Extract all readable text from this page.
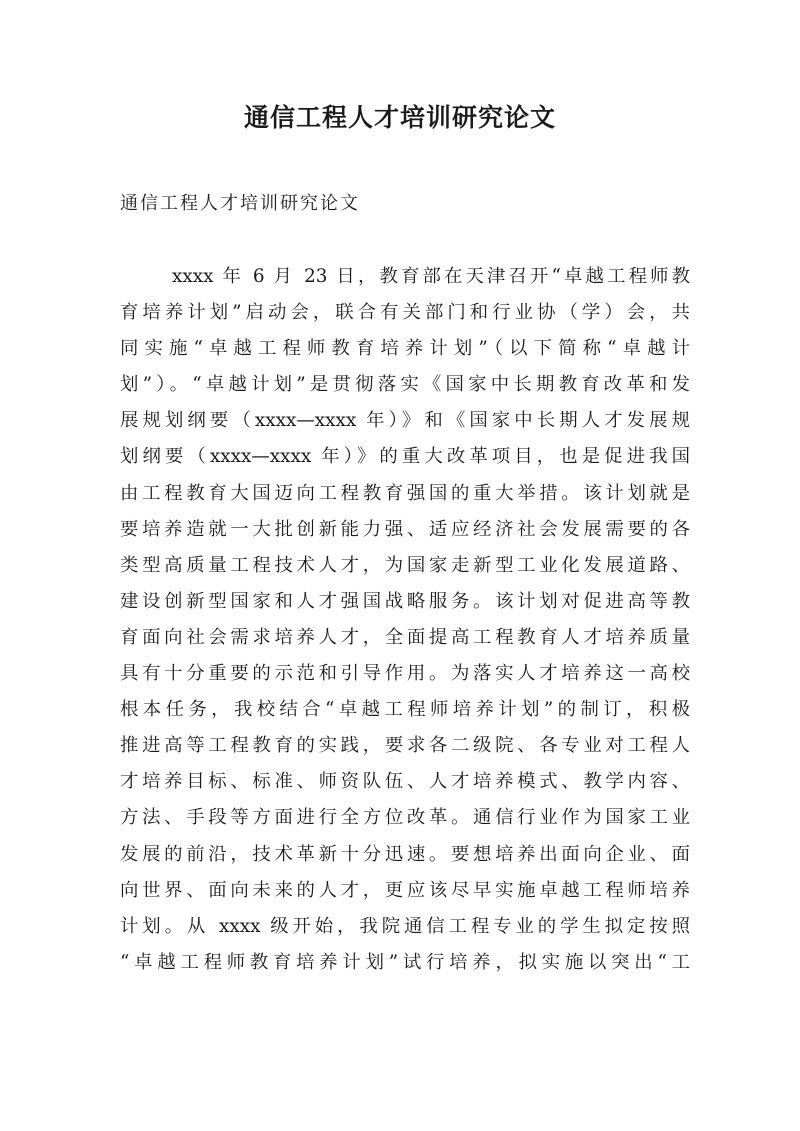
通信工程人才培训研究论文
通信工程人才培训研究论文
xxxx 年 6 月 23 日，教育部在天津召开“卓越工程师教
育培养计划”启动会，联合有关部门和行业协（学）会，共
同实施“卓越工程师教育培养计划”（以下简称“卓越计
划”）。“卓越计划”是贯彻落实《国家中长期教育改革和发
展规划纲要（xxxx—xxxx 年）》和《国家中长期人才发展规
划纲要（xxxx—xxxx 年）》的重大改革项目，也是促进我国
由工程教育大国迈向工程教育强国的重大举措。该计划就是
要培养造就一大批创新能力强、适应经济社会发展需要的各
类型高质量工程技术人才，为国家走新型工业化发展道路、
建设创新型国家和人才强国战略服务。该计划对促进高等教
育面向社会需求培养人才，全面提高工程教育人才培养质量
具有十分重要的示范和引导作用。为落实人才培养这一高校
根本任务，我校结合“卓越工程师培养计划”的制订，积极
推进高等工程教育的实践，要求各二级院、各专业对工程人
才培养目标、标准、师资队伍、人才培养模式、教学内容、
方法、手段等方面进行全方位改革。通信行业作为国家工业
发展的前沿，技术革新十分迅速。要想培养出面向企业、面
向世界、面向未来的人才，更应该尽早实施卓越工程师培养
计划。从 xxxx 级开始，我院通信工程专业的学生拟定按照
“卓越工程师教育培养计划”试行培养，拟实施以突出“工
